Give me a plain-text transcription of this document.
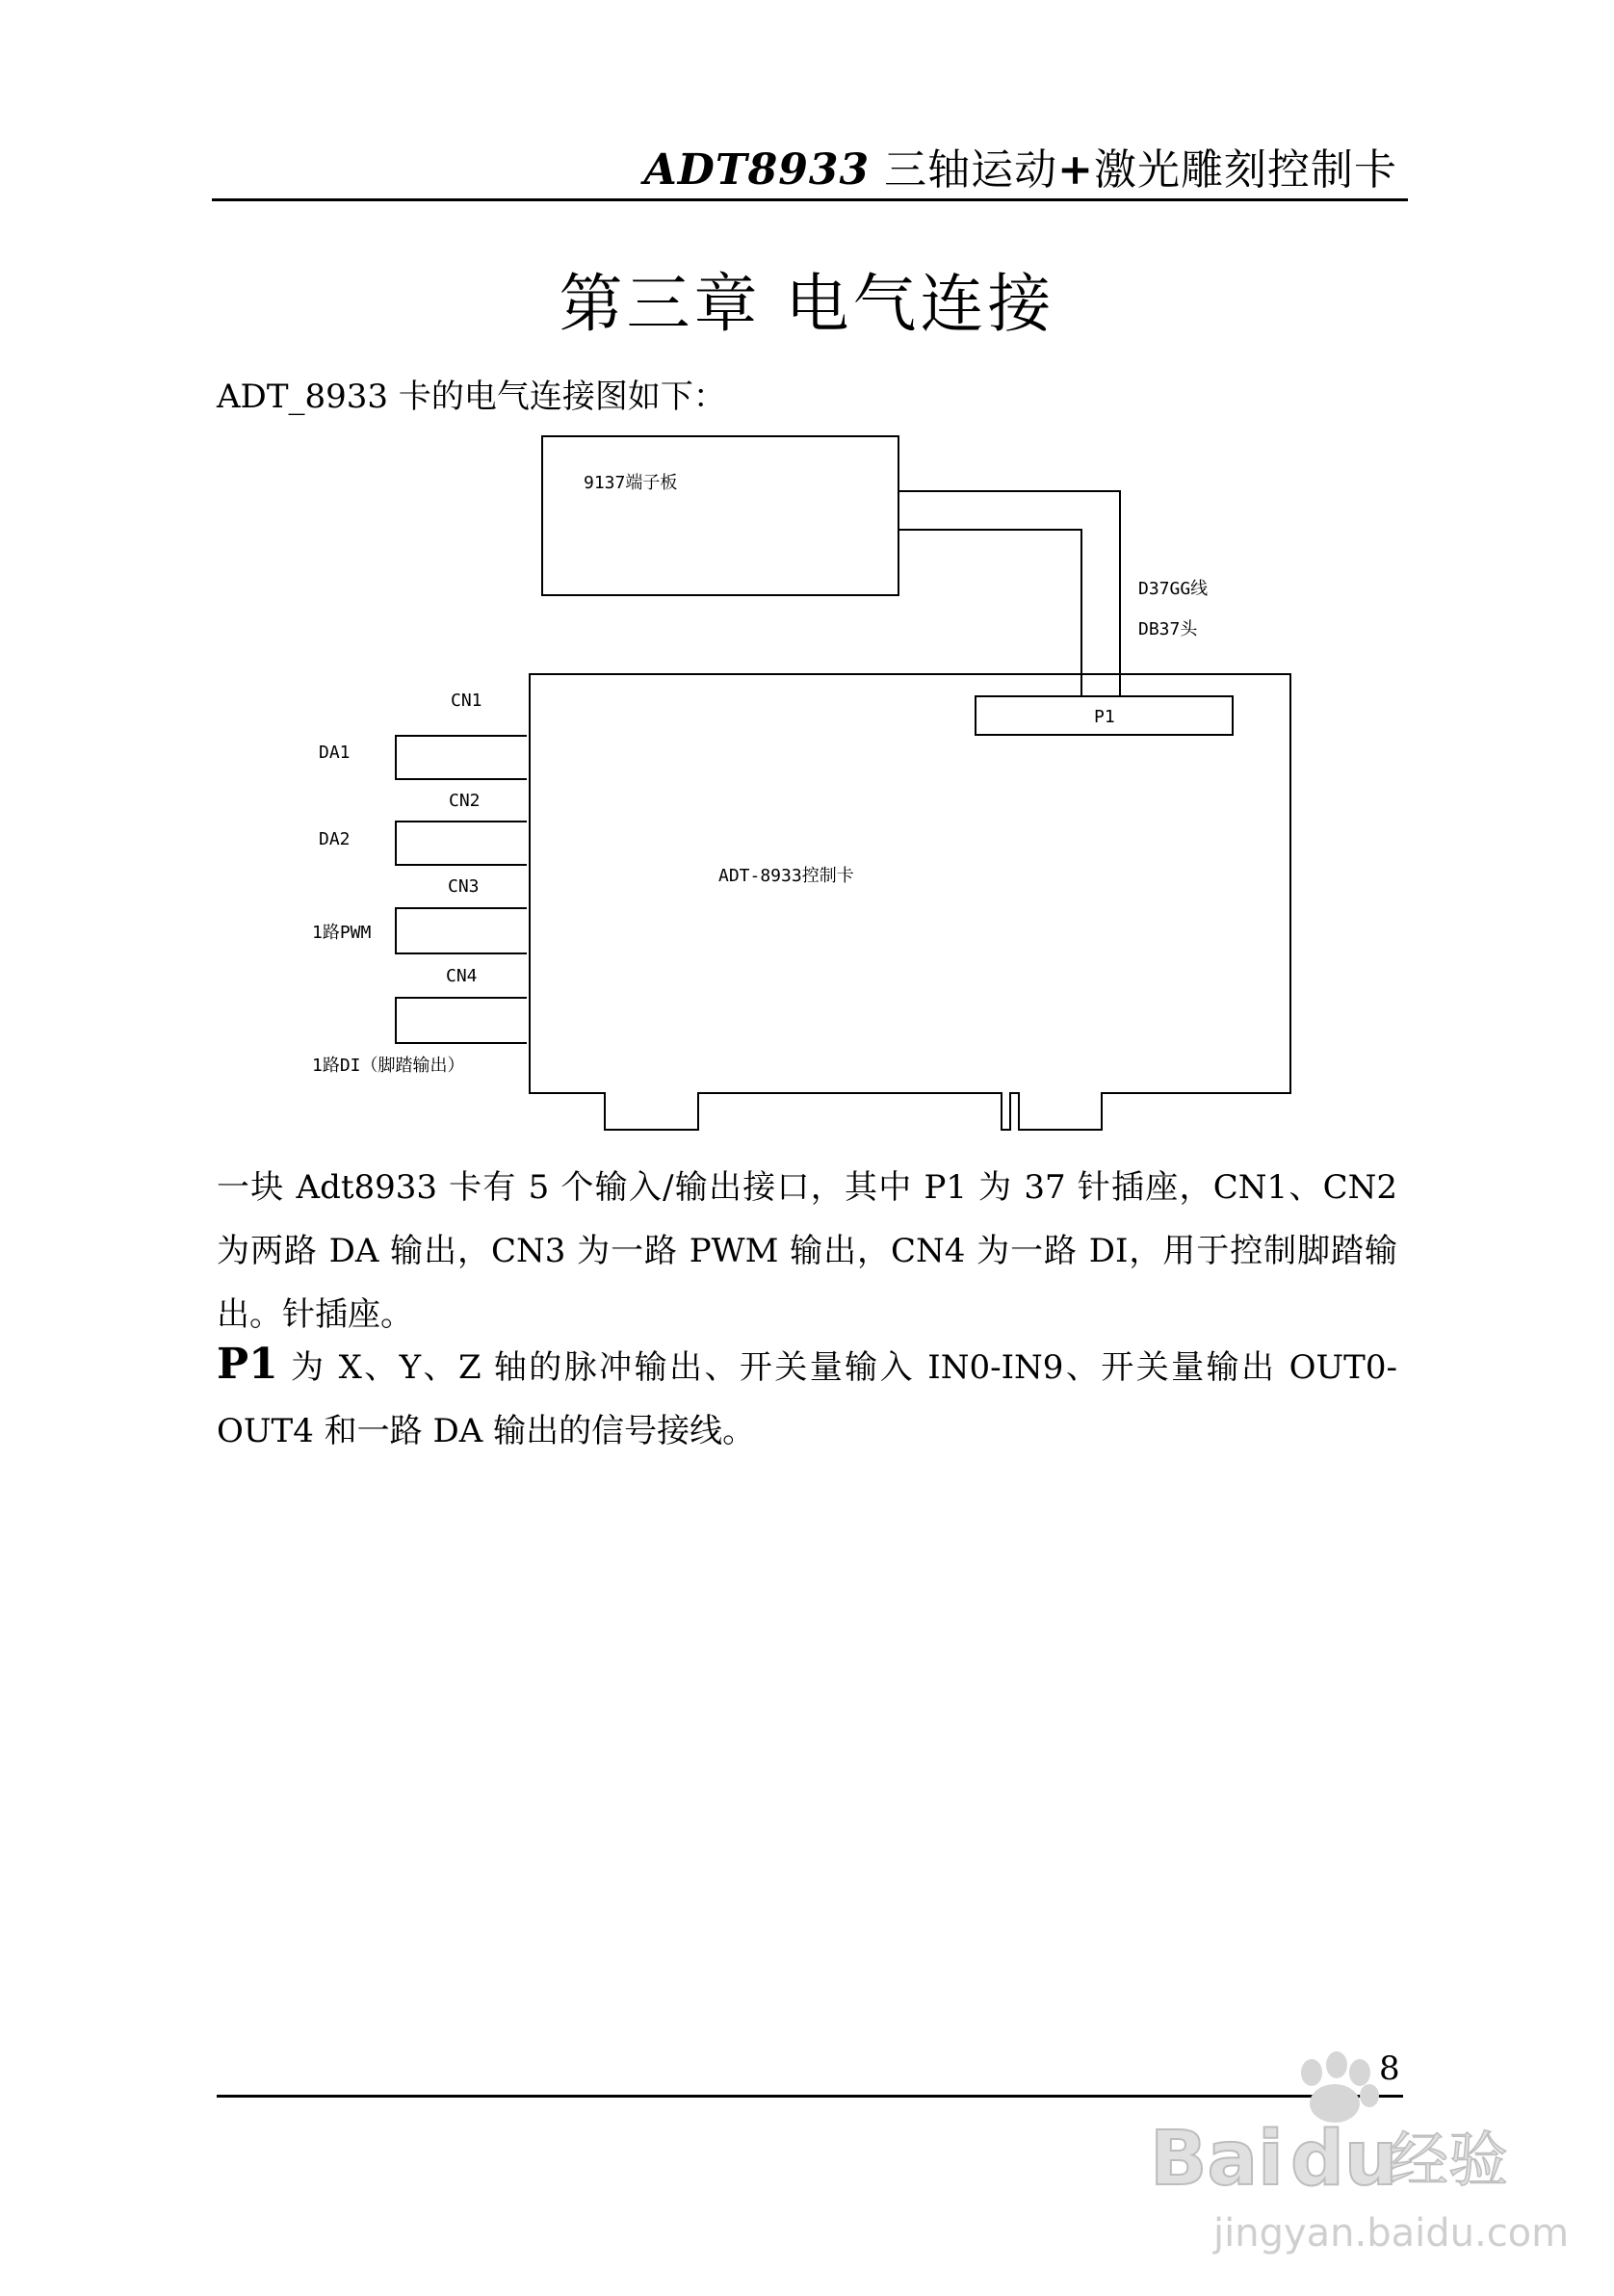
ADT8933 三轴运动+激光雕刻控制卡
第三章 电气连接
ADT_8933 卡的电气连接图如下：
9137端子板
D37GG线
DB37头
P1
ADT-8933控制卡
CN1
DA1
CN2
DA2
CN3
1路PWM
CN4
1路DI（脚踏输出）
一块 Adt8933 卡有 5 个输入/输出接口，其中 P1 为 37 针插座，CN1、CN2 为两路 DA 输出，CN3 为一路 PWM 输出，CN4 为一路 DI，用于控制脚踏输出。针插座。
P1 为 X、Y、Z 轴的脉冲输出、开关量输入 IN0-IN9、开关量输出 OUT0-OUT4 和一路 DA 输出的信号接线。
8
Bai du
经验
jingyan.baidu.com
